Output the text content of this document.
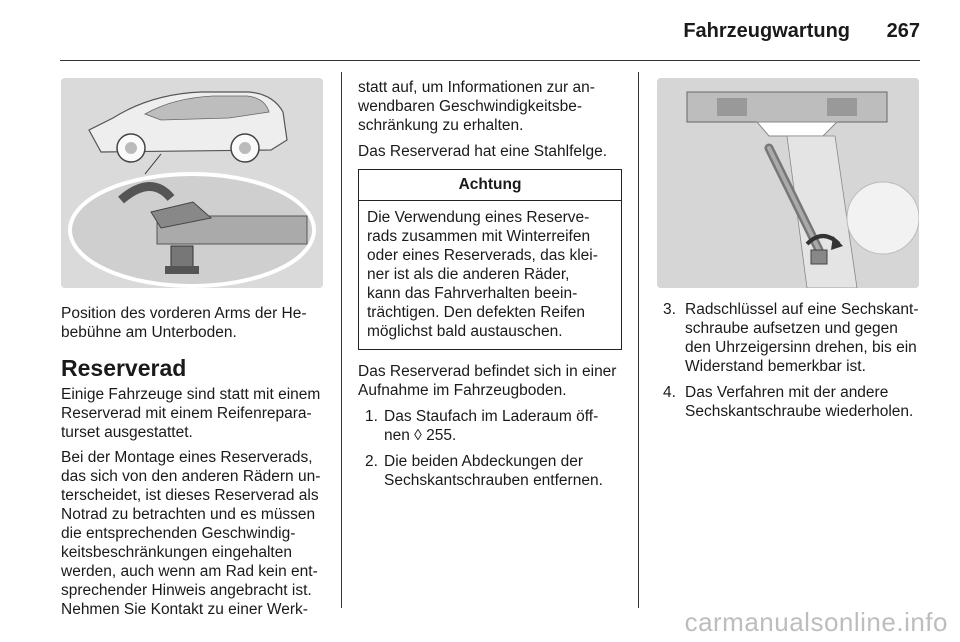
Fahrzeugwartung 267

Position des vorderen Arms der He-
bebühne am Unterboden.

Reserverad

Einige Fahrzeuge sind statt mit einem
Reserverad mit einem Reifenrepara-
turset ausgestattet.

Bei der Montage eines Reserverads,
das sich von den anderen Rädern un-
terscheidet, ist dieses Reserverad als
Notrad zu betrachten und es müssen
die entsprechenden Geschwindig-
keitsbeschränkungen eingehalten
werden, auch wenn am Rad kein ent-
sprechender Hinweis angebracht ist.
Nehmen Sie Kontakt zu einer Werk-

statt auf, um Informationen zur an-
wendbaren Geschwindigkeitsbe-
schränkung zu erhalten.

Das Reserverad hat eine Stahlfelge.

Achtung
Die Verwendung eines Reserve-
rads zusammen mit Winterreifen
oder eines Reserverads, das klei-
ner ist als die anderen Räder,
kann das Fahrverhalten beein-
trächtigen. Den defekten Reifen
möglichst bald austauschen.

Das Reserverad befindet sich in einer
Aufnahme im Fahrzeugboden.

1. Das Staufach im Laderaum öff-
nen ◊ 255.
2. Die beiden Abdeckungen der
Sechskantschrauben entfernen.
3. Radschlüssel auf eine Sechskant-
schraube aufsetzen und gegen
den Uhrzeigersinn drehen, bis ein
Widerstand bemerkbar ist.
4. Das Verfahren mit der andere
Sechskantschraube wiederholen.
carmanualsonline.info
